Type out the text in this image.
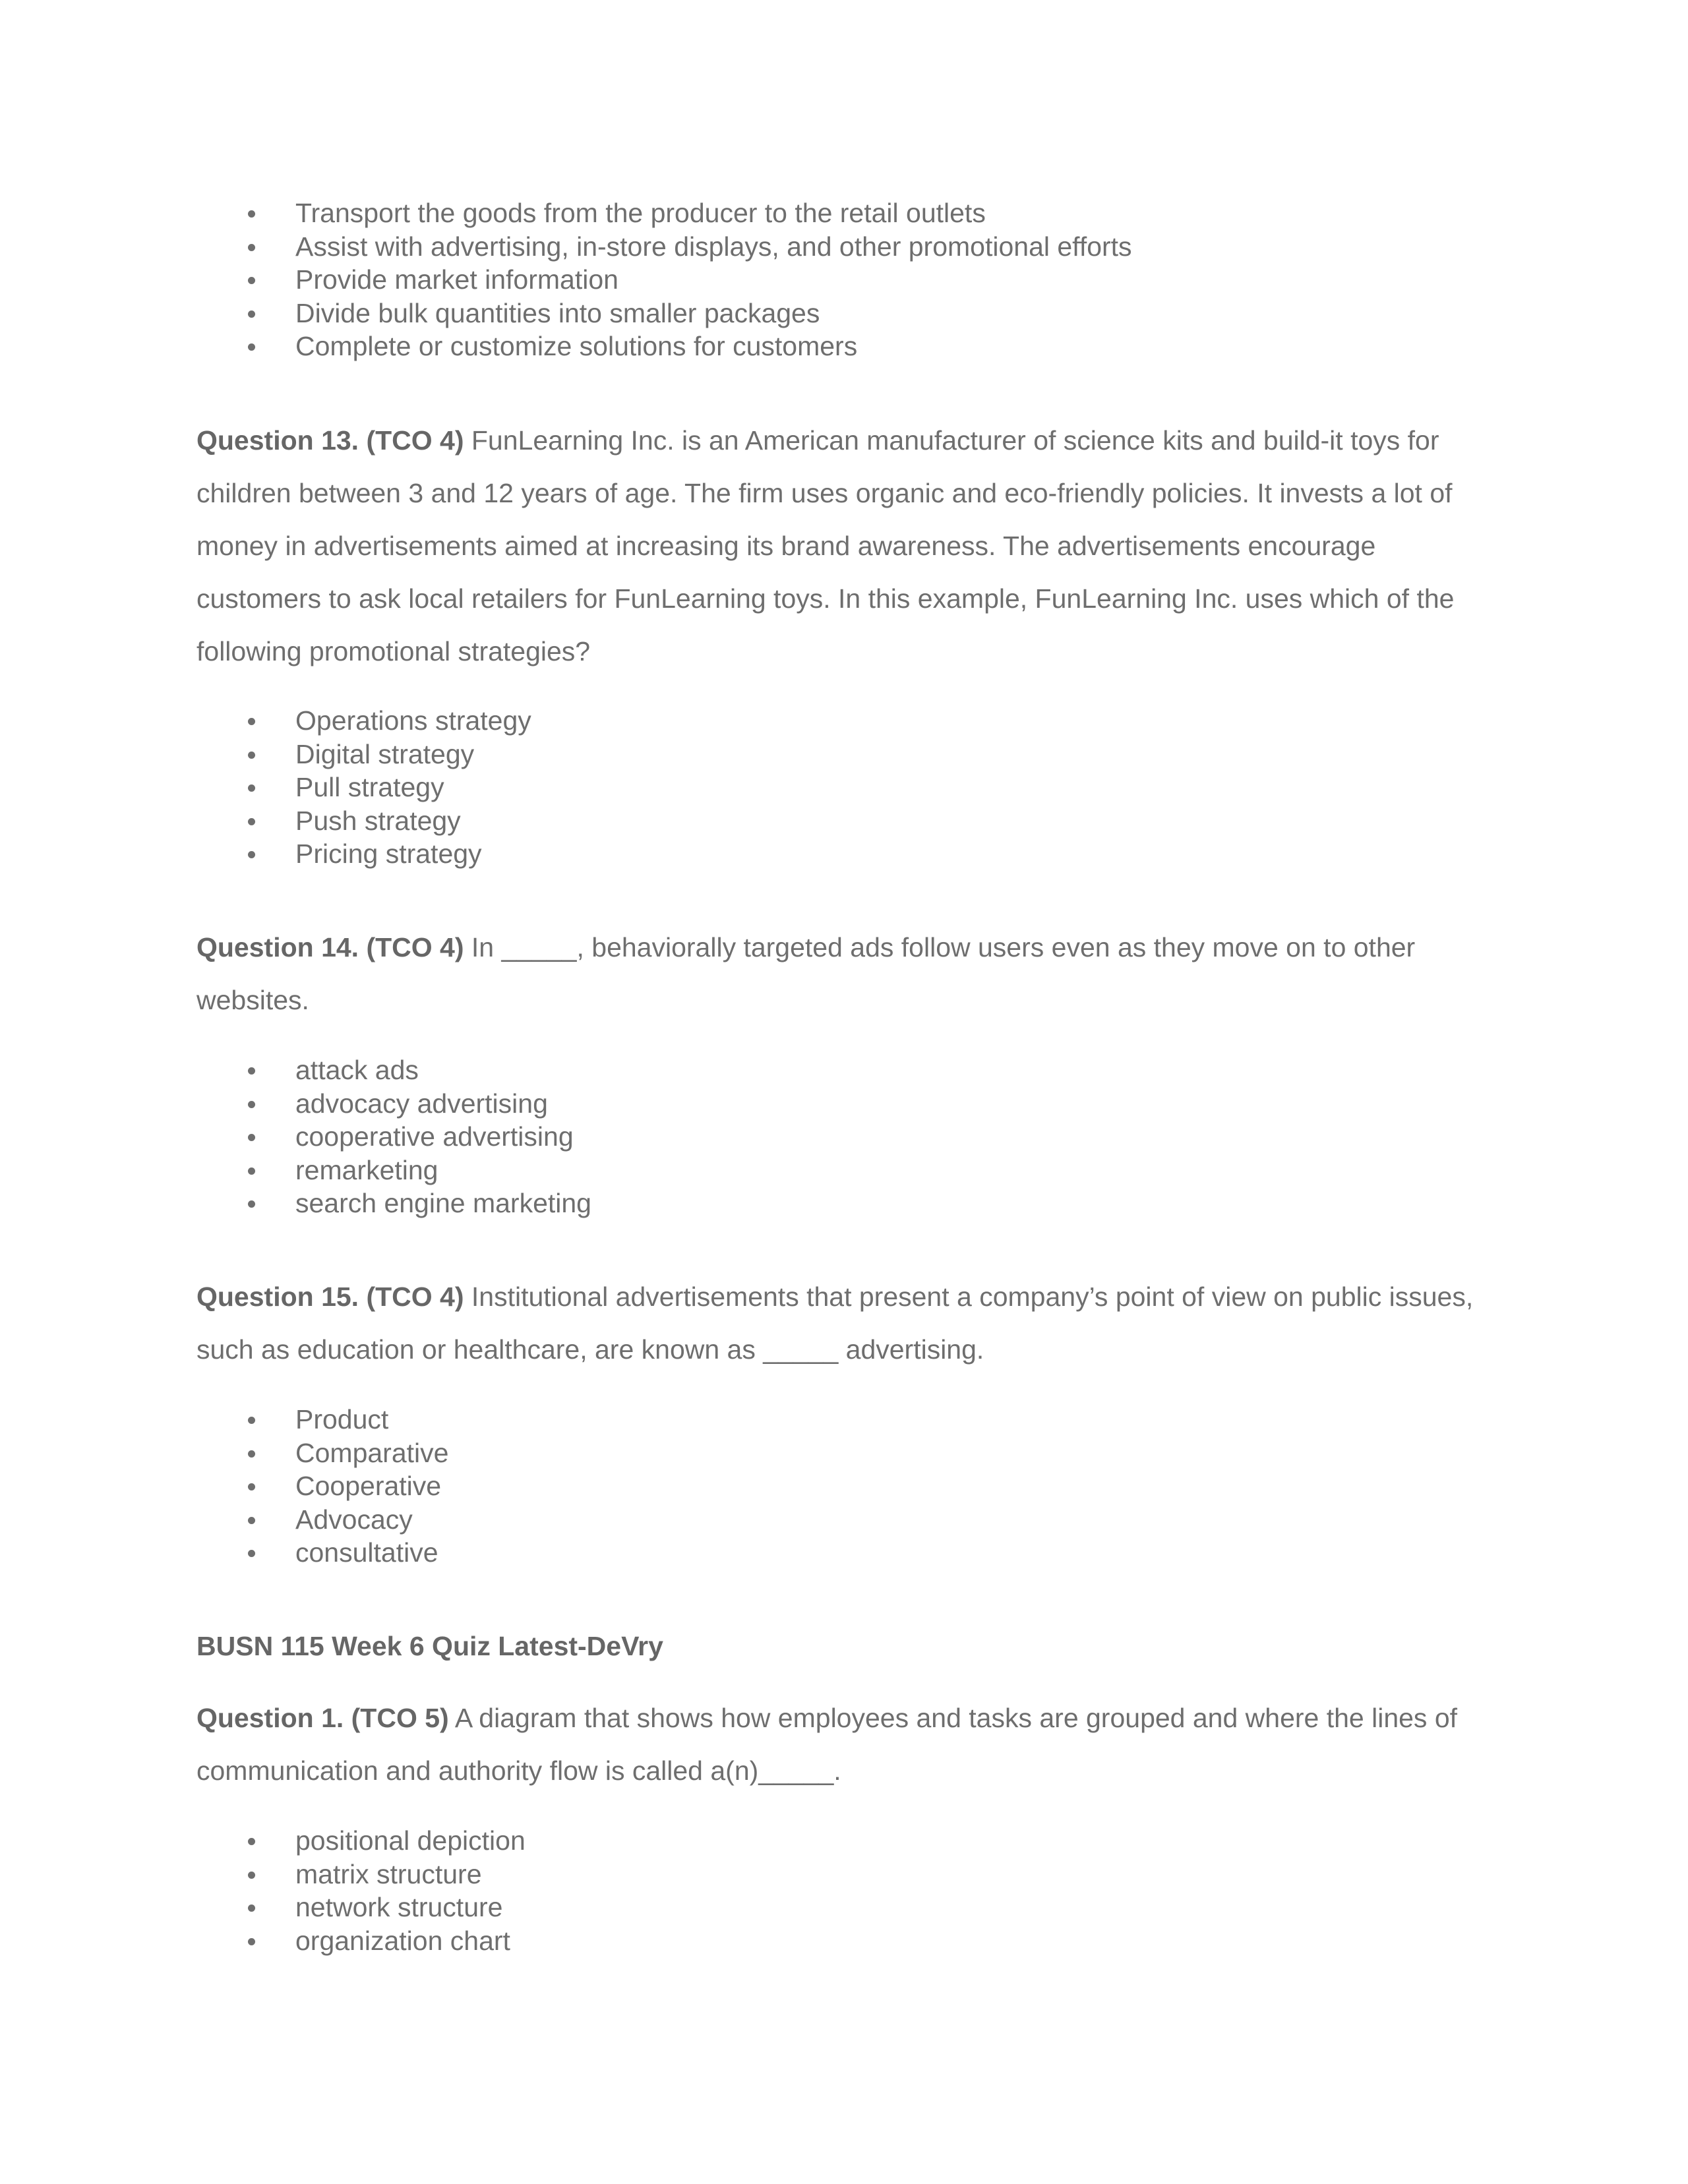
Transport the goods from the producer to the retail outlets
Assist with advertising, in-store displays, and other promotional efforts
Provide market information
Divide bulk quantities into smaller packages
Complete or customize solutions for customers

Question 13. (TCO 4) FunLearning Inc. is an American manufacturer of science kits and build-it toys for children between 3 and 12 years of age. The firm uses organic and eco-friendly policies. It invests a lot of money in advertisements aimed at increasing its brand awareness. The advertisements encourage customers to ask local retailers for FunLearning toys. In this example, FunLearning Inc. uses which of the following promotional strategies?

Operations strategy
Digital strategy
Pull strategy
Push strategy
Pricing strategy

Question 14. (TCO 4) In _____, behaviorally targeted ads follow users even as they move on to other websites.

attack ads
advocacy advertising
cooperative advertising
remarketing
search engine marketing

Question 15. (TCO 4) Institutional advertisements that present a company’s point of view on public issues, such as education or healthcare, are known as _____ advertising.

Product
Comparative
Cooperative
Advocacy
consultative

BUSN 115 Week 6 Quiz Latest-DeVry

Question 1. (TCO 5) A diagram that shows how employees and tasks are grouped and where the lines of communication and authority flow is called a(n)_____.

positional depiction
matrix structure
network structure
organization chart
